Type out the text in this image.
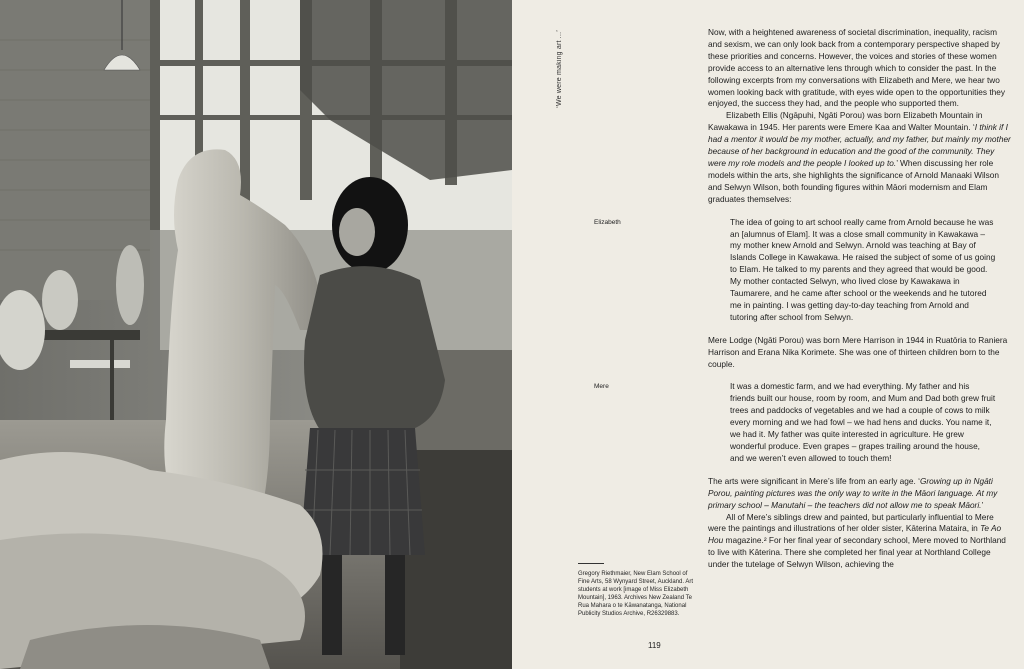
‘We were making art ...’	Now, with a heightened awareness of societal discrimination, inequality, racism and sexism, we can only look back from a contemporary perspective shaped by these priorities and concerns. However, the voices and stories of these women provide access to an alternative lens through which to consider the past. In the following excerpts from my conversations with Elizabeth and Mere, we hear two women looking back with gratitude, with eyes wide open to the opportunities they enjoyed, the success they had, and the people who supported them.

Elizabeth Ellis (Ngāpuhi, Ngāti Porou) was born Elizabeth Mountain in Kawakawa in 1945. Her parents were Emere Kaa and Walter Mountain. ‘I think if I had a mentor it would be my mother, actually, and my father, but mainly my mother because of her background in education and the good of the community. They were my role models and the people I looked up to.’ When discussing her role models within the arts, she highlights the significance of Arnold Manaaki Wilson and Selwyn Wilson, both founding figures within Māori modernism and Elam graduates themselves:

Elizabeth	The idea of going to art school really came from Arnold because he was an [alumnus of Elam]. It was a close small community in Kawakawa – my mother knew Arnold and Selwyn. Arnold was teaching at Bay of Islands College in Kawakawa. He raised the subject of some of us going to Elam. He talked to my parents and they agreed that would be good. My mother contacted Selwyn, who lived close by Kawakawa in Taumarere, and he came after school or the weekends and he tutored me in painting. I was getting day-to-day teaching from Arnold and tutoring after school from Selwyn.

Mere Lodge (Ngāti Porou) was born Mere Harrison in 1944 in Ruatōria to Raniera Harrison and Erana Nika Korimete. She was one of thirteen children born to the couple.

Mere	It was a domestic farm, and we had everything. My father and his friends built our house, room by room, and Mum and Dad both grew fruit trees and paddocks of vegetables and we had a couple of cows to milk every morning and we had fowl – we had hens and ducks. You name it, we had it. My father was quite interested in agriculture. He grew wonderful produce. Even grapes – grapes trailing around the house, and we weren’t even allowed to touch them!

The arts were significant in Mere’s life from an early age. ‘Growing up in Ngāti Porou, painting pictures was the only way to write in the Māori language. At my primary school – Manutahi – the teachers did not allow me to speak Māori.’

All of Mere’s siblings drew and painted, but particularly influential to Mere were the paintings and illustrations of her older sister, Kāterina Mataira, in Te Ao Hou magazine.² For her final year of secondary school, Mere moved to Northland to live with Kāterina. There she completed her final year at Northland College under the tutelage of Selwyn Wilson, achieving the

Gregory Riethmaier, New Elam School of Fine Arts, 58 Wynyard Street, Auckland. Art students at work [image of Miss Elizabeth Mountain], 1963. Archives New Zealand Te Rua Mahara o te Kāwanatanga, National Publicity Studios Archive, R26329883.
119
